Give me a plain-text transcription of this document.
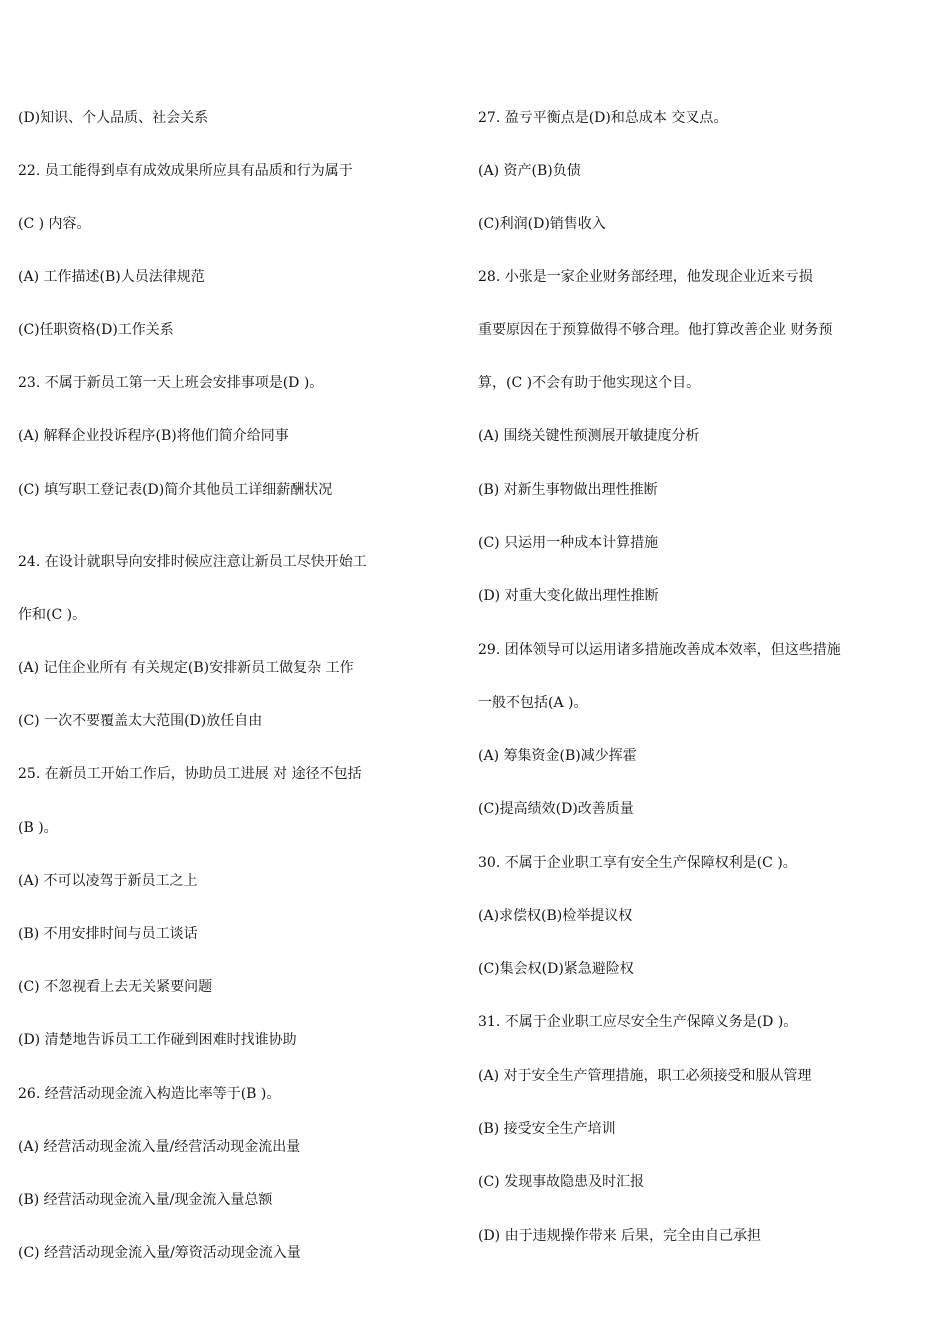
(D)知识、个人品质、社会关系
22. 员工能得到卓有成效成果所应具有品质和行为属于
(C ) 内容。
(A) 工作描述(B)人员法律规范
(C)任职资格(D)工作关系
23. 不属于新员工第一天上班会安排事项是(D )。
(A) 解释企业投诉程序(B)将他们简介给同事
(C) 填写职工登记表(D)简介其他员工详细薪酬状况
24. 在设计就职导向安排时候应注意让新员工尽快开始工
作和(C )。
(A) 记住企业所有 有关规定(B)安排新员工做复杂 工作
(C) 一次不要覆盖太大范围(D)放任自由
25. 在新员工开始工作后，协助员工进展 对 途径不包括
(B )。
(A) 不可以凌驾于新员工之上
(B) 不用安排时间与员工谈话
(C) 不忽视看上去无关紧要问题
(D) 清楚地告诉员工工作碰到困难时找谁协助
26. 经营活动现金流入构造比率等于(B )。
(A) 经营活动现金流入量/经营活动现金流出量
(B) 经营活动现金流入量/现金流入量总额
(C) 经营活动现金流入量/筹资活动现金流入量
27. 盈亏平衡点是(D)和总成本 交叉点。
(A) 资产(B)负债
(C)利润(D)销售收入
28. 小张是一家企业财务部经理，他发现企业近来亏损
重要原因在于预算做得不够合理。他打算改善企业 财务预
算，(C )不会有助于他实现这个目。
(A) 围绕关键性预测展开敏捷度分析
(B) 对新生事物做出理性推断
(C) 只运用一种成本计算措施
(D) 对重大变化做出理性推断
29. 团体领导可以运用诸多措施改善成本效率，但这些措施
一般不包括(A )。
(A) 筹集资金(B)减少挥霍
(C)提高绩效(D)改善质量
30. 不属于企业职工享有安全生产保障权利是(C )。
(A)求偿权(B)检举提议权
(C)集会权(D)紧急避险权
31. 不属于企业职工应尽安全生产保障义务是(D )。
(A) 对于安全生产管理措施，职工必须接受和服从管理
(B) 接受安全生产培训
(C) 发现事故隐患及时汇报
(D) 由于违规操作带来 后果，完全由自己承担
